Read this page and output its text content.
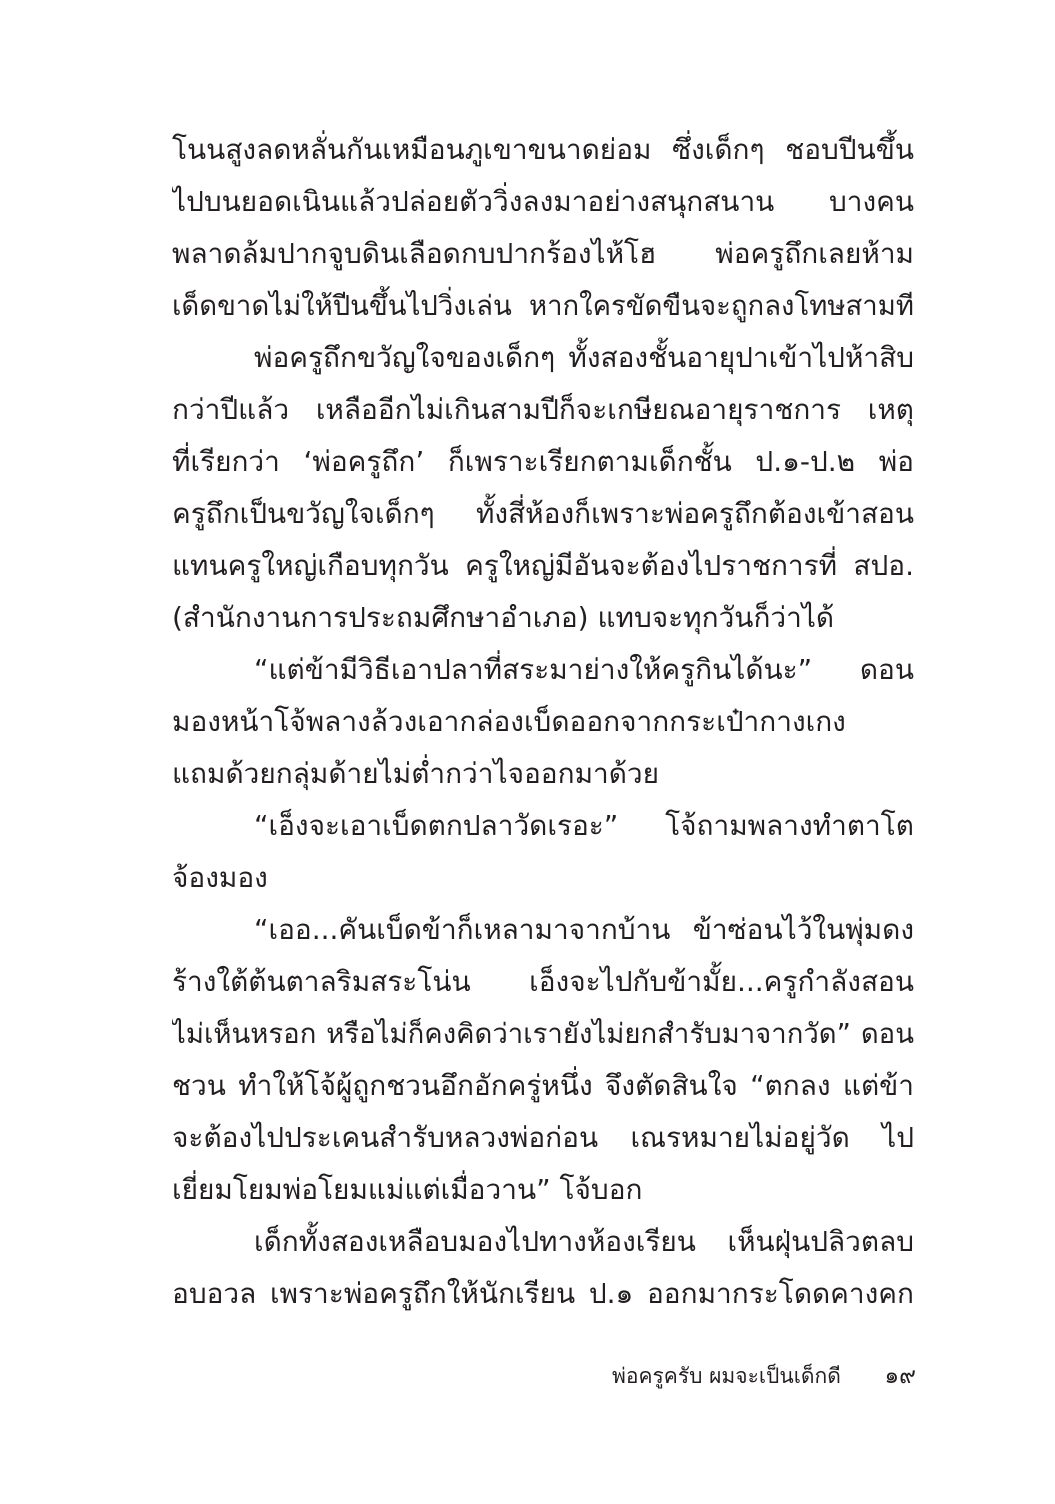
โนนสูงลดหลั่นกันเหมือนภูเขาขนาดย่อม ซึ่งเด็กๆ ชอบปีนขึ้น
ไปบนยอดเนินแล้วปล่อยตัววิ่งลงมาอย่างสนุกสนาน บางคน
พลาดล้มปากจูบดินเลือดกบปากร้องไห้โฮ พ่อครูถึกเลยห้าม
เด็ดขาดไม่ให้ปีนขึ้นไปวิ่งเล่น หากใครขัดขืนจะถูกลงโทษสามที
พ่อครูถึกขวัญใจของเด็กๆ ทั้งสองชั้นอายุปาเข้าไปห้าสิบ
กว่าปีแล้ว เหลืออีกไม่เกินสามปีก็จะเกษียณอายุราชการ เหตุ
ที่เรียกว่า ‘พ่อครูถึก’ ก็เพราะเรียกตามเด็กชั้น ป.๑-ป.๒ พ่อ
ครูถึกเป็นขวัญใจเด็กๆ ทั้งสี่ห้องก็เพราะพ่อครูถึกต้องเข้าสอน
แทนครูใหญ่เกือบทุกวัน ครูใหญ่มีอันจะต้องไปราชการที่ สปอ.
(สำนักงานการประถมศึกษาอำเภอ) แทบจะทุกวันก็ว่าได้
“แต่ข้ามีวิธีเอาปลาที่สระมาย่างให้ครูกินได้นะ” ดอน
มองหน้าโจ้พลางล้วงเอากล่องเบ็ดออกจากกระเป๋ากางเกง
แถมด้วยกลุ่มด้ายไม่ต่ำกว่าไจออกมาด้วย
“เอ็งจะเอาเบ็ดตกปลาวัดเรอะ” โจ้ถามพลางทำตาโต
จ้องมอง
“เออ...คันเบ็ดข้าก็เหลามาจากบ้าน ข้าซ่อนไว้ในพุ่มดง
ร้างใต้ต้นตาลริมสระโน่น เอ็งจะไปกับข้ามั้ย...ครูกำลังสอน
ไม่เห็นหรอก หรือไม่ก็คงคิดว่าเรายังไม่ยกสำรับมาจากวัด” ดอน
ชวน ทำให้โจ้ผู้ถูกชวนอึกอักครู่หนึ่ง จึงตัดสินใจ “ตกลง แต่ข้า
จะต้องไปประเคนสำรับหลวงพ่อก่อน เณรหมายไม่อยู่วัด ไป
เยี่ยมโยมพ่อโยมแม่แต่เมื่อวาน” โจ้บอก
เด็กทั้งสองเหลือบมองไปทางห้องเรียน เห็นฝุ่นปลิวตลบ
อบอวล เพราะพ่อครูถึกให้นักเรียน ป.๑ ออกมากระโดดคางคก
พ่อครูครับ ผมจะเป็นเด็กดี ๑๙
